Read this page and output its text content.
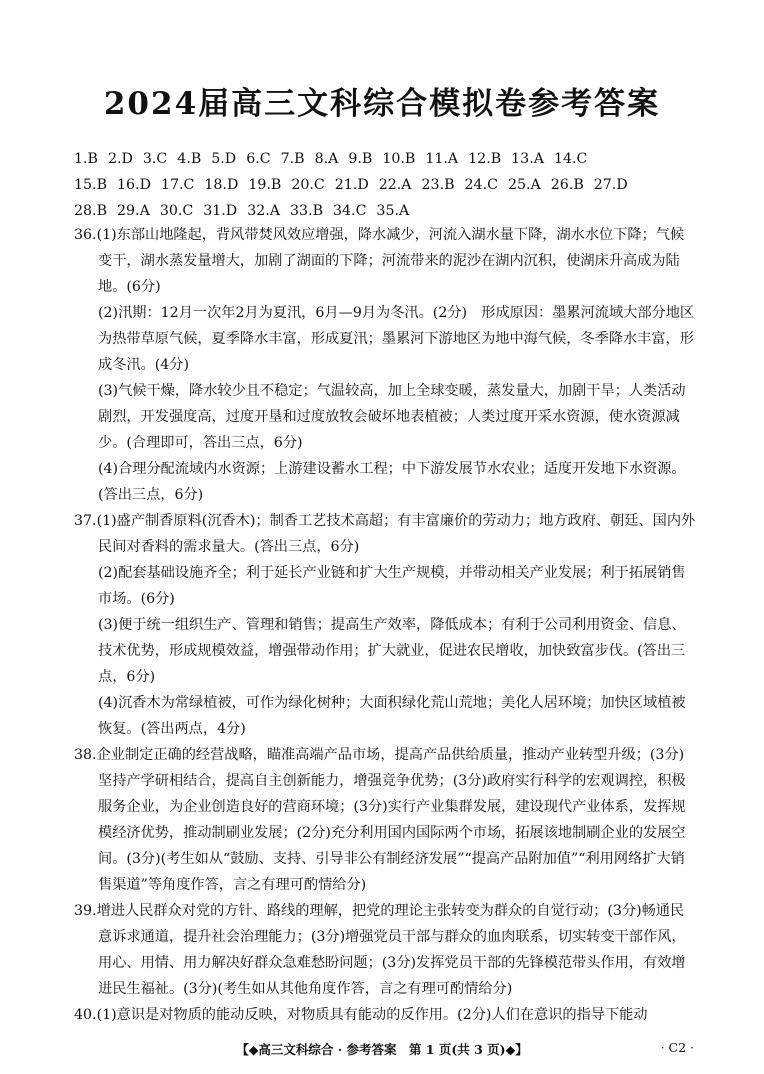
2024届高三文科综合模拟卷参考答案
1.B 2.D 3.C 4.B 5.D 6.C 7.B 8.A 9.B 10.B 11.A 12.B 13.A 14.C
15.B 16.D 17.C 18.D 19.B 20.C 21.D 22.A 23.B 24.C 25.A 26.B 27.D
28.B 29.A 30.C 31.D 32.A 33.B 34.C 35.A

36.(1)东部山地隆起，背风带焚风效应增强，降水减少，河流入湖水量下降，湖水水位下降；气候变干，湖水蒸发量增大，加剧了湖面的下降；河流带来的泥沙在湖内沉积，使湖床升高成为陆地。(6分)

(2)汛期：12月一次年2月为夏汛，6月—9月为冬汛。(2分)　形成原因：墨累河流域大部分地区为热带草原气候，夏季降水丰富，形成夏汛；墨累河下游地区为地中海气候，冬季降水丰富，形成冬汛。(4分)

(3)气候干燥，降水较少且不稳定；气温较高，加上全球变暖，蒸发量大，加剧干旱；人类活动剧烈，开发强度高，过度开垦和过度放牧会破坏地表植被；人类过度开采水资源，使水资源减少。(合理即可，答出三点，6分)

(4)合理分配流域内水资源；上游建设蓄水工程；中下游发展节水农业；适度开发地下水资源。(答出三点，6分)

37.(1)盛产制香原料(沉香木)；制香工艺技术高超；有丰富廉价的劳动力；地方政府、朝廷、国内外民间对香料的需求量大。(答出三点，6分)

(2)配套基础设施齐全；利于延长产业链和扩大生产规模，并带动相关产业发展；利于拓展销售市场。(6分)

(3)便于统一组织生产、管理和销售；提高生产效率，降低成本；有利于公司利用资金、信息、技术优势，形成规模效益，增强带动作用；扩大就业，促进农民增收，加快致富步伐。(答出三点，6分)

(4)沉香木为常绿植被，可作为绿化树种；大面积绿化荒山荒地；美化人居环境；加快区域植被恢复。(答出两点，4分)

38.企业制定正确的经营战略，瞄准高端产品市场，提高产品供给质量，推动产业转型升级；(3分)坚持产学研相结合，提高自主创新能力，增强竞争优势；(3分)政府实行科学的宏观调控，积极服务企业，为企业创造良好的营商环境；(3分)实行产业集群发展，建设现代产业体系，发挥规模经济优势，推动制刷业发展；(2分)充分利用国内国际两个市场，拓展该地制刷企业的发展空间。(3分)(考生如从“鼓励、支持、引导非公有制经济发展”“提高产品附加值”“利用网络扩大销售渠道”等角度作答，言之有理可酌情给分)

39.增进人民群众对党的方针、路线的理解，把党的理论主张转变为群众的自觉行动；(3分)畅通民意诉求通道，提升社会治理能力；(3分)增强党员干部与群众的血肉联系，切实转变干部作风，用心、用情、用力解决好群众急难愁盼问题；(3分)发挥党员干部的先锋模范带头作用，有效增进民生福祉。(3分)(考生如从其他角度作答，言之有理可酌情给分)

40.(1)意识是对物质的能动反映，对物质具有能动的反作用。(2分)人们在意识的指导下能动

【◆高三文科综合 · 参考答案　第 1 页(共 3 页)◆】	· C2 ·
